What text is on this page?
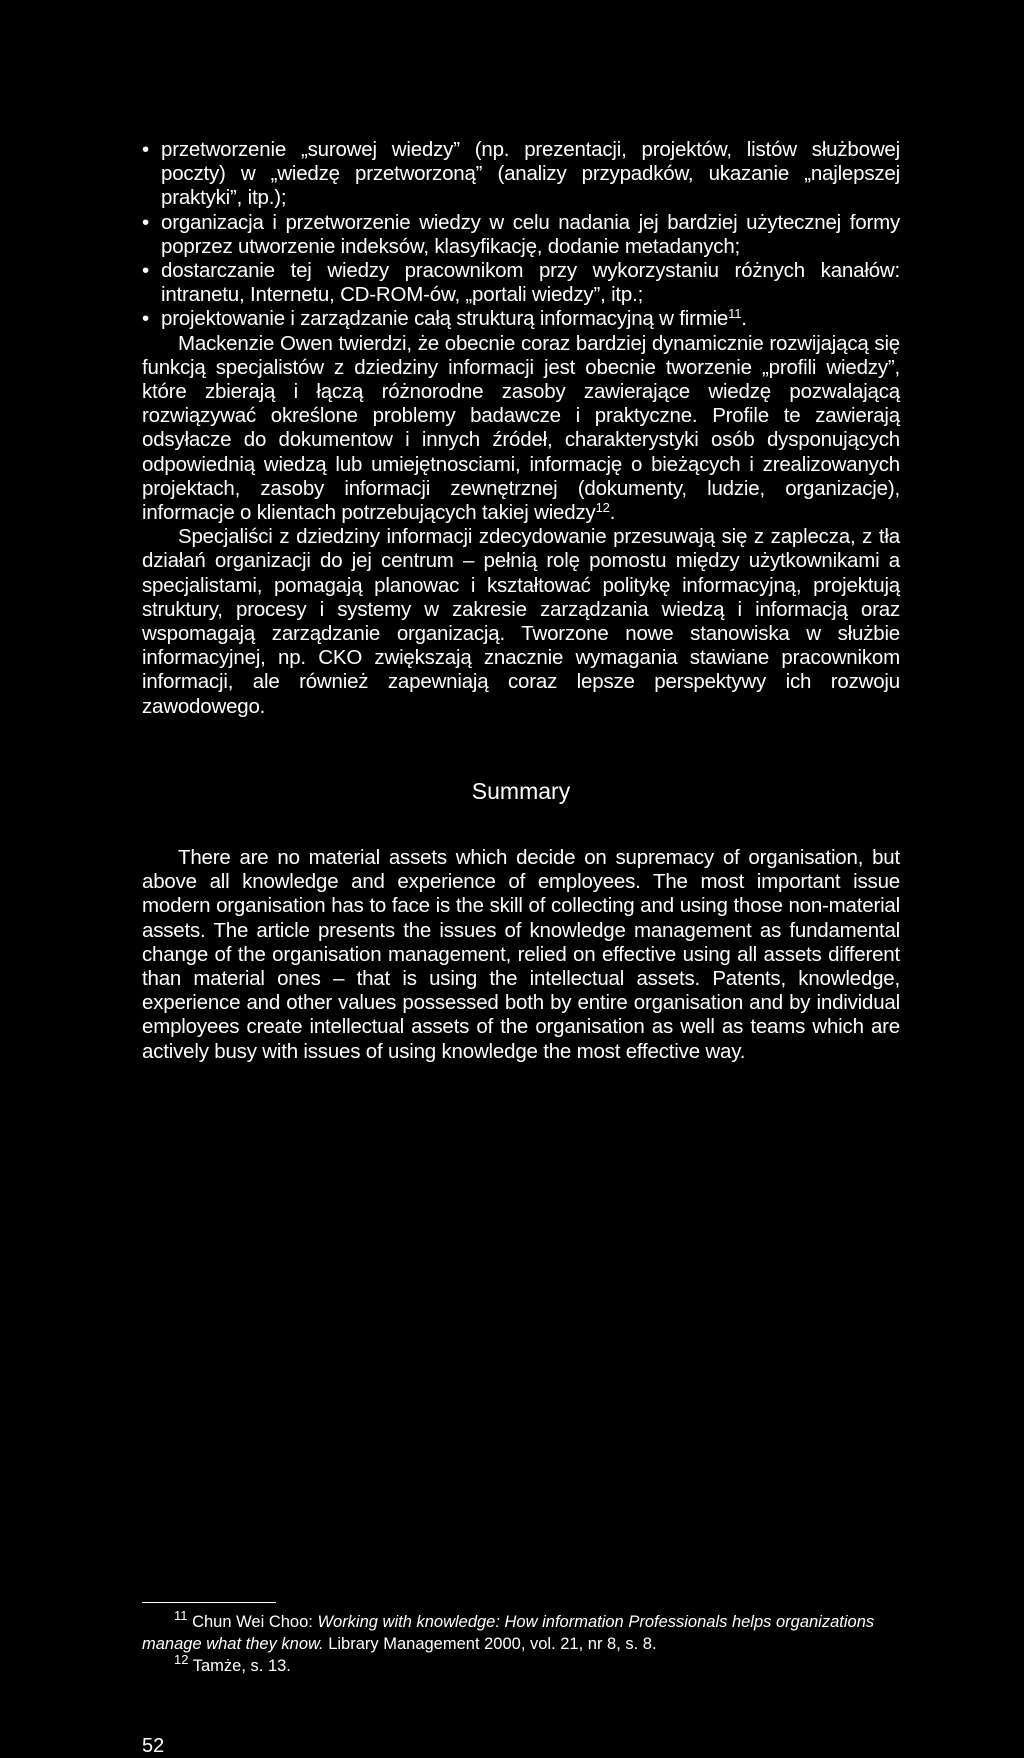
• przetworzenie „surowej wiedzy” (np. prezentacji, projektów, listów służbowej poczty) w „wiedzę przetworzoną” (analizy przypadków, ukazanie „najlepszej praktyki”, itp.);
• organizacja i przetworzenie wiedzy w celu nadania jej bardziej użytecznej formy poprzez utworzenie indeksów, klasyfikację, dodanie metadanych;
• dostarczanie tej wiedzy pracownikom przy wykorzystaniu różnych kanałów: intranetu, Internetu, CD-ROM-ów, „portali wiedzy”, itp.;
• projektowanie i zarządzanie całą strukturą informacyjną w firmie$^{11}$.

Mackenzie Owen twierdzi, że obecnie coraz bardziej dynamicznie rozwijającą się funkcją specjalistów z dziedziny informacji jest obecnie tworzenie „profili wiedzy”, które zbierają i łączą różnorodne zasoby zawierające wiedzę pozwalającą rozwiązywać określone problemy badawcze i praktyczne. Profile te zawierają odsyłacze do dokumentow i innych źródeł, charakterystyki osób dysponujących odpowiednią wiedzą lub umiejętnosciami, informację o bieżących i zrealizowanych projektach, zasoby informacji zewnętrznej (dokumenty, ludzie, organizacje), informacje o klientach potrzebujących takiej wiedzy$^{12}$.

Specjaliści z dziedziny informacji zdecydowanie przesuwają się z zaplecza, z tła działań organizacji do jej centrum – pełnią rolę pomostu między użytkownikami a specjalistami, pomagają planowac i kształtować politykę informacyjną, projektują struktury, procesy i systemy w zakresie zarządzania wiedzą i informacją oraz wspomagają zarządzanie organizacją. Tworzone nowe stanowiska w służbie informacyjnej, np. CKO zwiększają znacznie wymagania stawiane pracownikom informacji, ale również zapewniają coraz lepsze perspektywy ich rozwoju zawodowego.

Summary

There are no material assets which decide on supremacy of organisation, but above all knowledge and experience of employees. The most important issue modern organisation has to face is the skill of collecting and using those non-material assets. The article presents the issues of knowledge management as fundamental change of the organisation management, relied on effective using all assets different than material ones – that is using the intellectual assets. Patents, knowledge, experience and other values possessed both by entire organisation and by individual employees create intellectual assets of the organisation as well as teams which are actively busy with issues of using knowledge the most effective way.

$^{11}$ Chun Wei Choo: Working with knowledge: How information Professionals helps organizations manage what they know. Library Management 2000, vol. 21, nr 8, s. 8.

$^{12}$ Tamże, s. 13.

52
